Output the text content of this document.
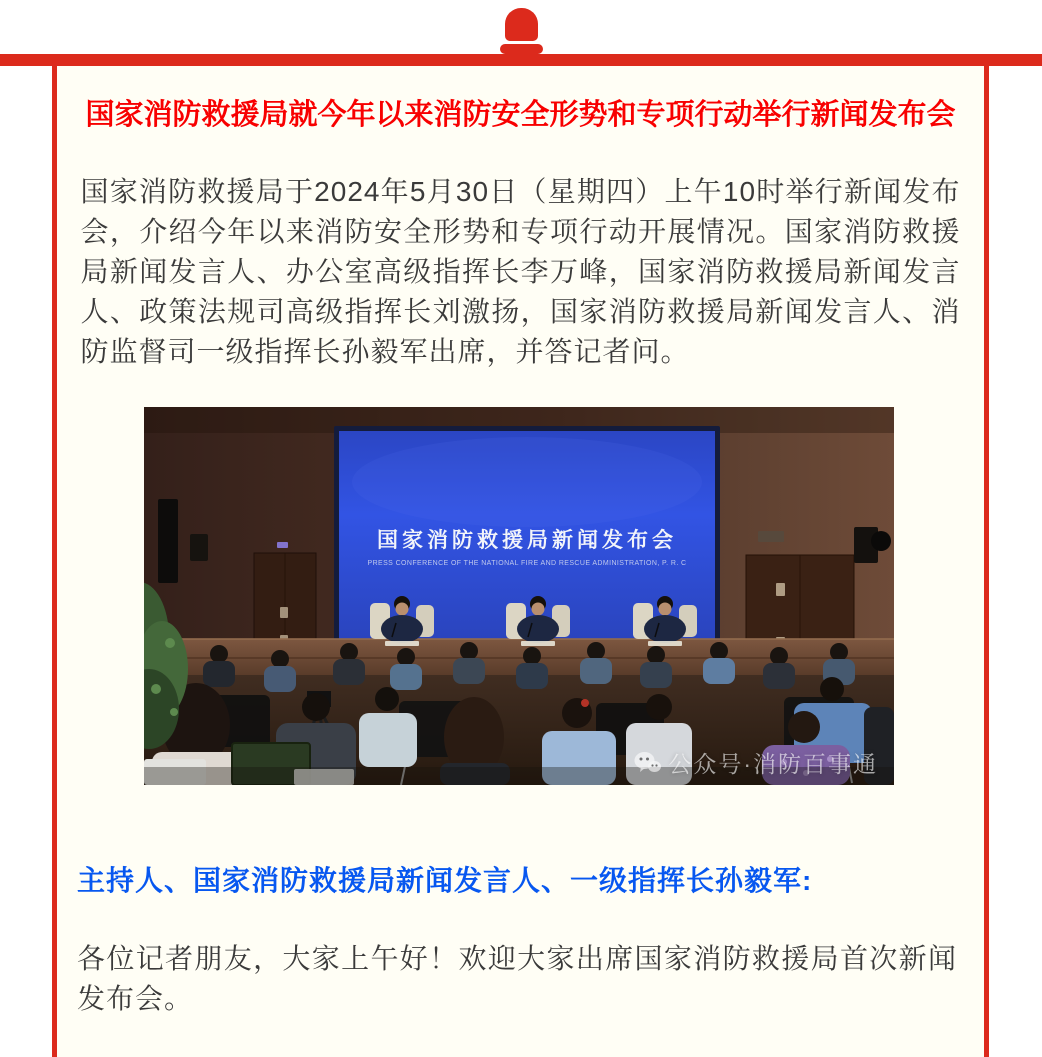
国家消防救援局就今年以来消防安全形势和专项行动举行新闻发布会

国家消防救援局于2024年5月30日（星期四）上午10时举行新闻发布会，介绍今年以来消防安全形势和专项行动开展情况。国家消防救援局新闻发言人、办公室高级指挥长李万峰，国家消防救援局新闻发言人、政策法规司高级指挥长刘激扬，国家消防救援局新闻发言人、消防监督司一级指挥长孙毅军出席，并答记者问。

国家消防救援局新闻发布会
PRESS CONFERENCE OF THE NATIONAL FIRE AND RESCUE ADMINISTRATION, P. R. C
公众号·消防百事通
主持人、国家消防救援局新闻发言人、一级指挥长孙毅军:

各位记者朋友，大家上午好！欢迎大家出席国家消防救援局首次新闻发布会。
